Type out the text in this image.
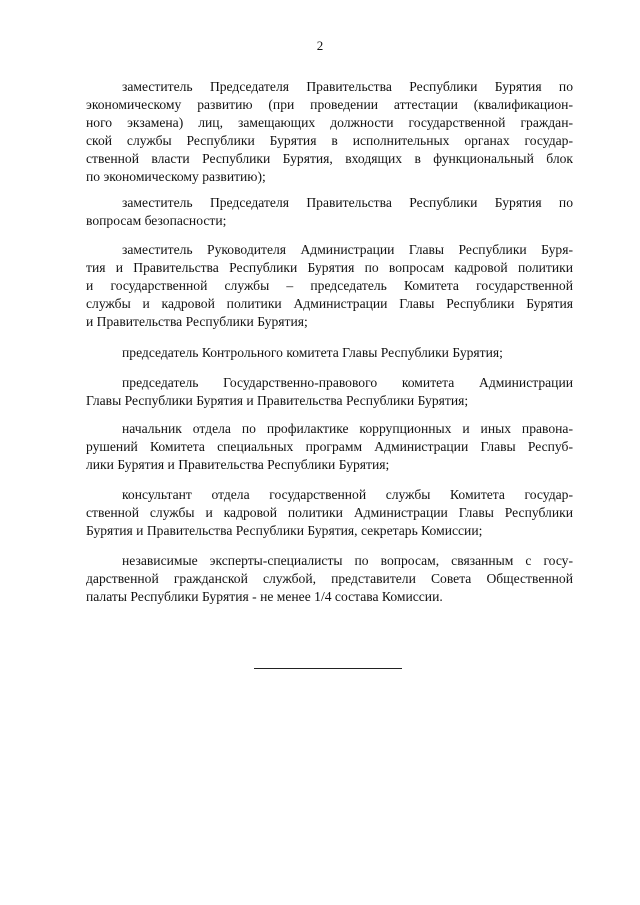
2
заместитель Председателя Правительства Республики Бурятия по
экономическому развитию (при проведении аттестации (квалификацион-
ного экзамена) лиц, замещающих должности государственной граждан-
ской службы Республики Бурятия в исполнительных органах государ-
ственной власти Республики Бурятия, входящих в функциональный блок
по экономическому развитию);
заместитель Председателя Правительства Республики Бурятия по
вопросам безопасности;
заместитель Руководителя Администрации Главы Республики Буря-
тия и Правительства Республики Бурятия по вопросам кадровой политики
и государственной службы – председатель Комитета государственной
службы и кадровой политики Администрации Главы Республики Бурятия
и Правительства Республики Бурятия;
председатель Контрольного комитета Главы Республики Бурятия;
председатель Государственно-правового комитета Администрации
Главы Республики Бурятия и Правительства Республики Бурятия;
начальник отдела по профилактике коррупционных и иных правона-
рушений Комитета специальных программ Администрации Главы Респуб-
лики Бурятия и Правительства Республики Бурятия;
консультант отдела государственной службы Комитета государ-
ственной службы и кадровой политики Администрации Главы Республики
Бурятия и Правительства Республики Бурятия, секретарь Комиссии;
независимые эксперты-специалисты по вопросам, связанным с госу-
дарственной гражданской службой, представители Совета Общественной
палаты Республики Бурятия - не менее 1/4 состава Комиссии.
